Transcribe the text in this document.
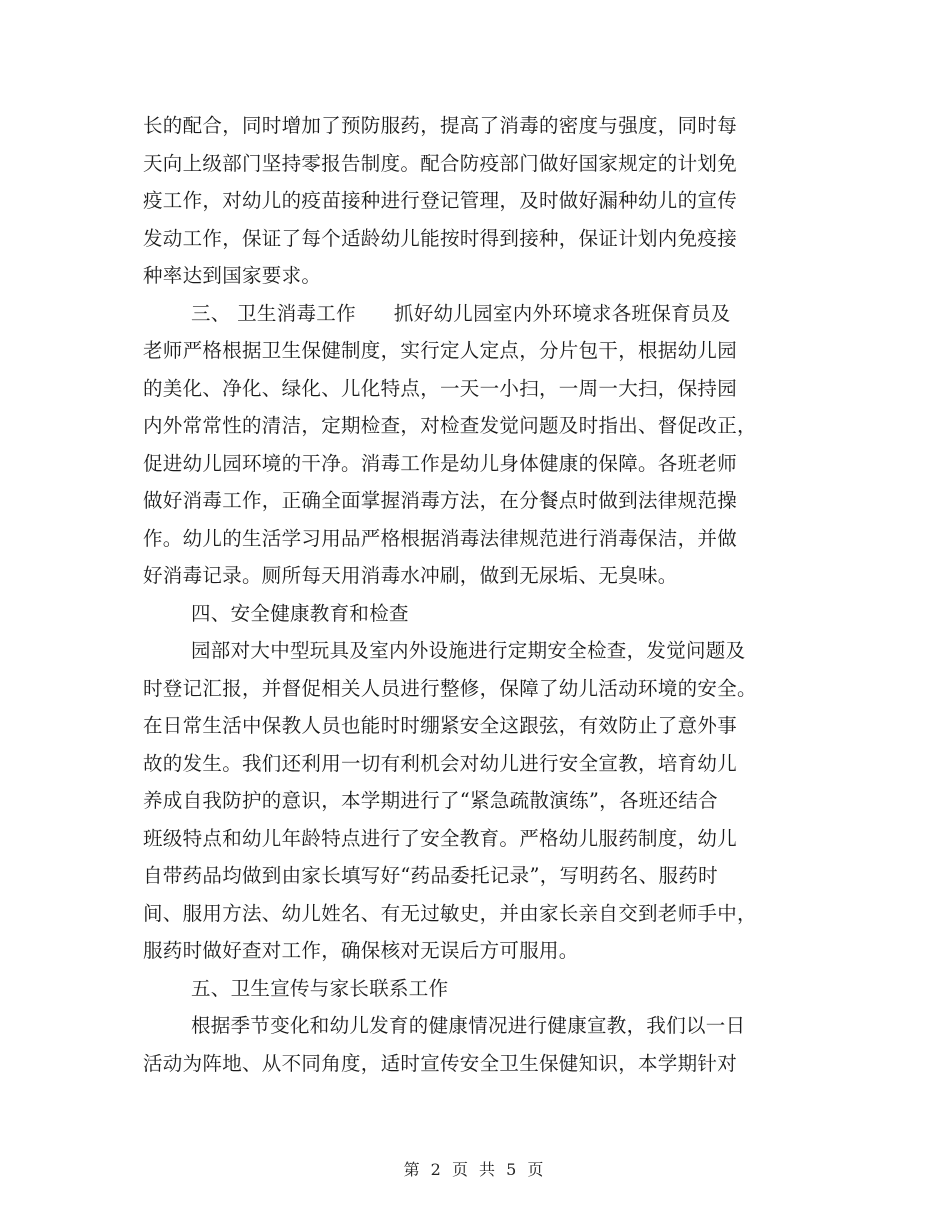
长的配合，同时增加了预防服药，提高了消毒的密度与强度，同时每
天向上级部门坚持零报告制度。配合防疫部门做好国家规定的计划免
疫工作，对幼儿的疫苗接种进行登记管理，及时做好漏种幼儿的宣传
发动工作，保证了每个适龄幼儿能按时得到接种，保证计划内免疫接
种率达到国家要求。
三、 卫生消毒工作 抓好幼儿园室内外环境求各班保育员及
老师严格根据卫生保健制度，实行定人定点，分片包干，根据幼儿园
的美化、净化、绿化、儿化特点，一天一小扫，一周一大扫，保持园
内外常常性的清洁，定期检查，对检查发觉问题及时指出、督促改正，
促进幼儿园环境的干净。消毒工作是幼儿身体健康的保障。各班老师
做好消毒工作，正确全面掌握消毒方法，在分餐点时做到法律规范操
作。幼儿的生活学习用品严格根据消毒法律规范进行消毒保洁，并做
好消毒记录。厕所每天用消毒水冲刷，做到无尿垢、无臭味。
四、安全健康教育和检查
园部对大中型玩具及室内外设施进行定期安全检查，发觉问题及
时登记汇报，并督促相关人员进行整修，保障了幼儿活动环境的安全。
在日常生活中保教人员也能时时绷紧安全这跟弦，有效防止了意外事
故的发生。我们还利用一切有利机会对幼儿进行安全宣教，培育幼儿
养成自我防护的意识，本学期进行了“紧急疏散演练”，各班还结合
班级特点和幼儿年龄特点进行了安全教育。严格幼儿服药制度，幼儿
自带药品均做到由家长填写好“药品委托记录”，写明药名、服药时
间、服用方法、幼儿姓名、有无过敏史，并由家长亲自交到老师手中，
服药时做好查对工作，确保核对无误后方可服用。
五、卫生宣传与家长联系工作
根据季节变化和幼儿发育的健康情况进行健康宣教，我们以一日
活动为阵地、从不同角度，适时宣传安全卫生保健知识，本学期针对
第 2 页 共 5 页
